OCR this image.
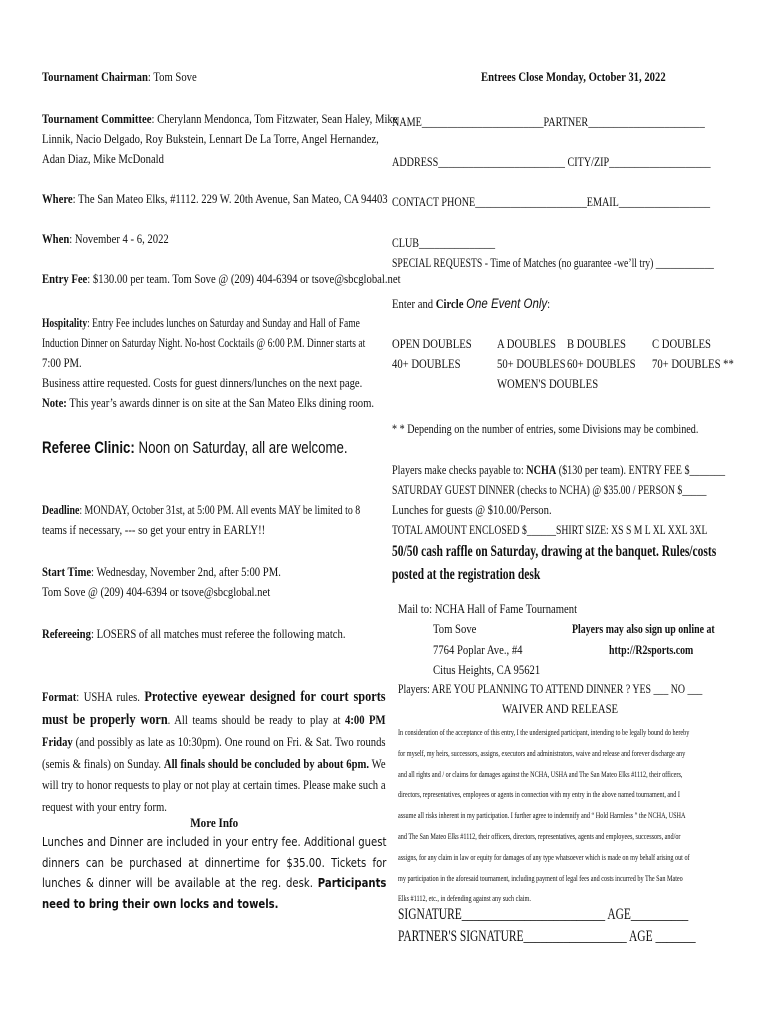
Tournament Chairman: Tom Sove
Tournament Committee: Cherylann Mendonca, Tom Fitzwater, Sean Haley, Mike
Linnik, Nacio Delgado, Roy Bukstein, Lennart De La Torre, Angel Hernandez,
Adan Diaz, Mike McDonald
Where: The San Mateo Elks, #1112. 229 W. 20th Avenue, San Mateo, CA 94403
When: November 4 - 6, 2022
Entry Fee: $130.00 per team. Tom Sove @ (209) 404-6394 or tsove@sbcglobal.net
Hospitality: Entry Fee includes lunches on Saturday and Sunday and Hall of Fame
Induction Dinner on Saturday Night. No-host Cocktails @ 6:00 P.M. Dinner starts at
7:00 PM.
Business attire requested. Costs for guest dinners/lunches on the next page.
Note: This year’s awards dinner is on site at the San Mateo Elks dining room.
Referee Clinic: Noon on Saturday, all are welcome.
Deadline: MONDAY, October 31st, at 5:00 PM. All events MAY be limited to 8
teams if necessary, --- so get your entry in EARLY!!
Start Time: Wednesday, November 2nd, after 5:00 PM.
Tom Sove @ (209) 404-6394 or tsove@sbcglobal.net
Refereeing: LOSERS of all matches must referee the following match.
Format: USHA rules. Protective eyewear designed for court sports must be properly worn. All teams should be ready to play at 4:00 PM Friday (and possibly as late as 10:30pm). One round on Fri. & Sat. Two rounds (semis & finals) on Sunday. All finals should be concluded by about 6pm. We will try to honor requests to play or not play at certain times. Please make such a request with your entry form.
More Info
Lunches and Dinner are included in your entry fee. Additional guest dinners can be purchased at dinnertime for $35.00. Tickets for lunches & dinner will be available at the reg. desk. Participants need to bring their own locks and towels.
Entrees Close Monday, October 31, 2022
NAME________________________PARTNER_______________________
ADDRESS_________________________ CITY/ZIP____________________
CONTACT PHONE______________________EMAIL__________________
CLUB_______________
SPECIAL REQUESTS - Time of Matches (no guarantee -we’ll try) ____________
Enter and Circle One Event Only:
OPEN DOUBLES	A DOUBLES B DOUBLES	C DOUBLES
40+ DOUBLES	50+ DOUBLES 60+ DOUBLES	70+ DOUBLES **
WOMEN'S DOUBLES
* * Depending on the number of entries, some Divisions may be combined.
Players make checks payable to: NCHA ($130 per team). ENTRY FEE $_______
SATURDAY GUEST DINNER (checks to NCHA) @ $35.00 / PERSON $_____
Lunches for guests @ $10.00/Person.
TOTAL AMOUNT ENCLOSED $______SHIRT SIZE: XS S M L XL XXL 3XL
50/50 cash raffle on Saturday, drawing at the banquet. Rules/costs
posted at the registration desk
Mail to: NCHA Hall of Fame Tournament
Tom Sove	Players may also sign up online at
7764 Poplar Ave., #4	http://R2sports.com
Citus Heights, CA 95621
Players: ARE YOU PLANNING TO ATTEND DINNER ? YES ___ NO ___
WAIVER AND RELEASE
In consideration of the acceptance of this entry, I the undersigned participant, intending to be legally bound do hereby
for myself, my heirs, successors, assigns, executors and administrators, waive and release and forever discharge any
and all rights and / or claims for damages against the NCHA, USHA and The San Mateo Elks #1112, their officers,
directors, representatives, employees or agents in connection with my entry in the above named tournament, and I
assume all risks inherent in my participation. I further agree to indemnify and “ Hold Harmless ” the NCHA, USHA
and The San Mateo Elks #1112, their officers, directors, representatives, agents and employees, successors, and/or
assigns, for any claim in law or equity for damages of any type whatsoever which is made on my behalf arising out of
my participation in the aforesaid tournament, including payment of legal fees and costs incurred by The San Mateo
Elks #1112, etc., in defending against any such claim.
SIGNATURE_________________________ AGE__________
PARTNER'S SIGNATURE__________________ AGE _______
